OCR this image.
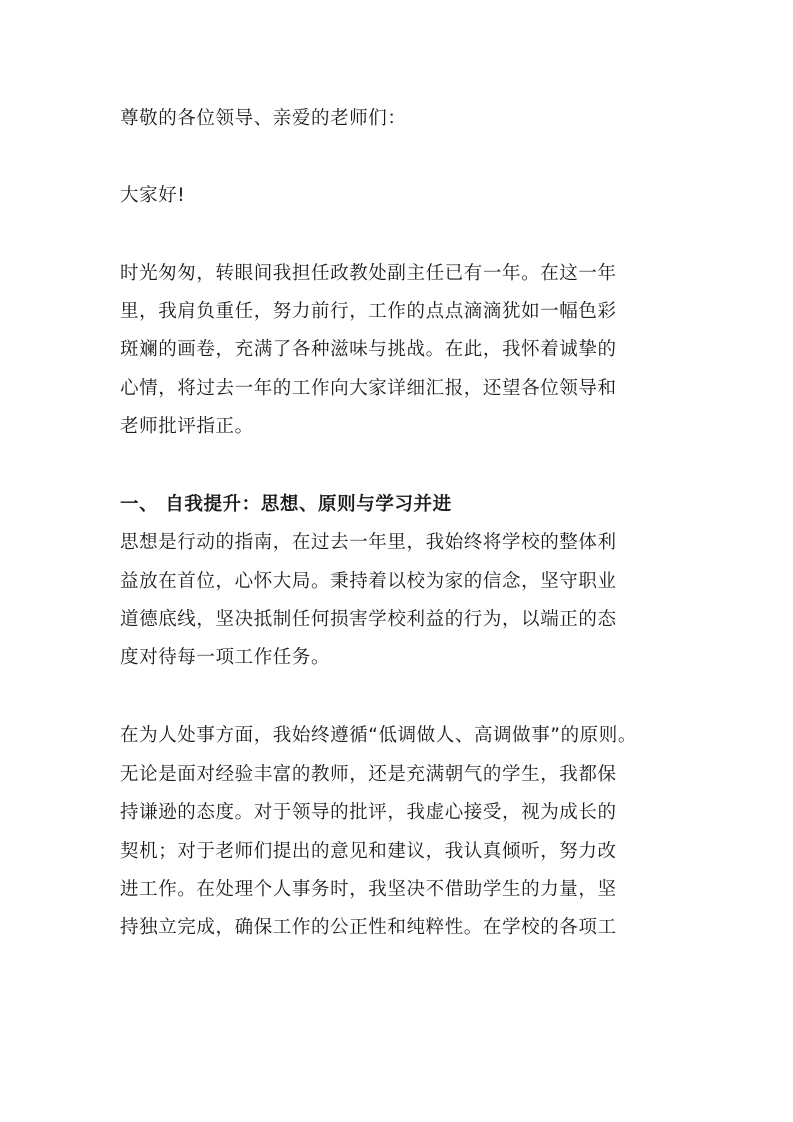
尊敬的各位领导、亲爱的老师们：
大家好!
时光匆匆，转眼间我担任政教处副主任已有一年。在这一年
里，我肩负重任，努力前行，工作的点点滴滴犹如一幅色彩
斑斓的画卷，充满了各种滋味与挑战。在此，我怀着诚挚的
心情，将过去一年的工作向大家详细汇报，还望各位领导和
老师批评指正。
一、 自我提升：思想、原则与学习并进
思想是行动的指南，在过去一年里，我始终将学校的整体利
益放在首位，心怀大局。秉持着以校为家的信念，坚守职业
道德底线，坚决抵制任何损害学校利益的行为，以端正的态
度对待每一项工作任务。
在为人处事方面，我始终遵循“低调做人、高调做事”的原则。
无论是面对经验丰富的教师，还是充满朝气的学生，我都保
持谦逊的态度。对于领导的批评，我虚心接受，视为成长的
契机；对于老师们提出的意见和建议，我认真倾听，努力改
进工作。在处理个人事务时，我坚决不借助学生的力量，坚
持独立完成，确保工作的公正性和纯粹性。在学校的各项工
